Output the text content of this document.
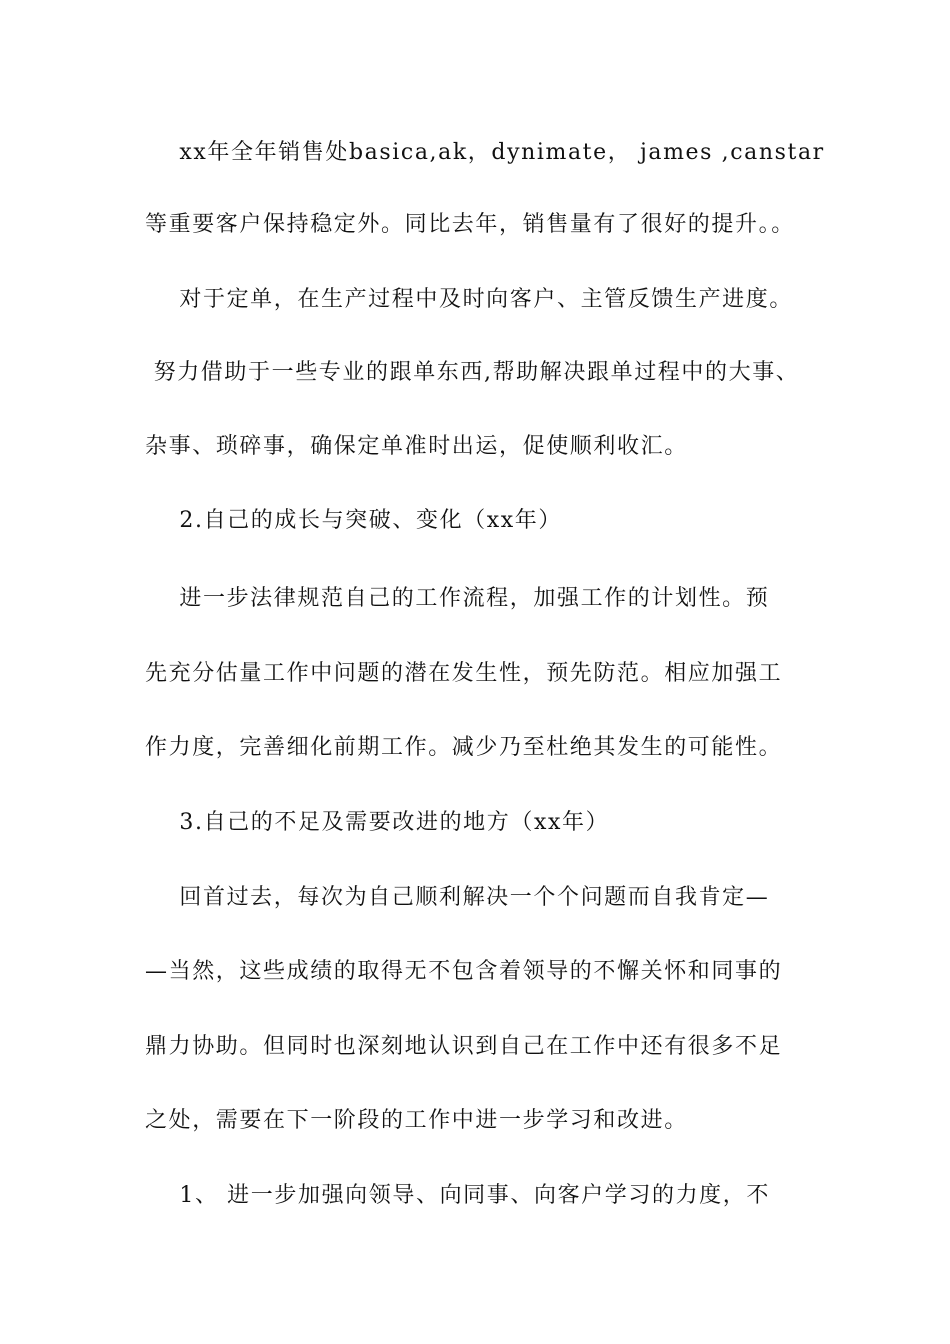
xx年全年销售处basica,ak，dynimate， james ,canstar
等重要客户保持稳定外。同比去年，销售量有了很好的提升。。
对于定单，在生产过程中及时向客户、主管反馈生产进度。
努力借助于一些专业的跟单东西,帮助解决跟单过程中的大事、
杂事、琐碎事，确保定单准时出运，促使顺利收汇。
2.自己的成长与突破、变化（xx年）
进一步法律规范自己的工作流程，加强工作的计划性。预
先充分估量工作中问题的潜在发生性，预先防范。相应加强工
作力度，完善细化前期工作。减少乃至杜绝其发生的可能性。
3.自己的不足及需要改进的地方（xx年）
回首过去，每次为自己顺利解决一个个问题而自我肯定—
—当然，这些成绩的取得无不包含着领导的不懈关怀和同事的
鼎力协助。但同时也深刻地认识到自己在工作中还有很多不足
之处，需要在下一阶段的工作中进一步学习和改进。
1、 进一步加强向领导、向同事、向客户学习的力度，不
